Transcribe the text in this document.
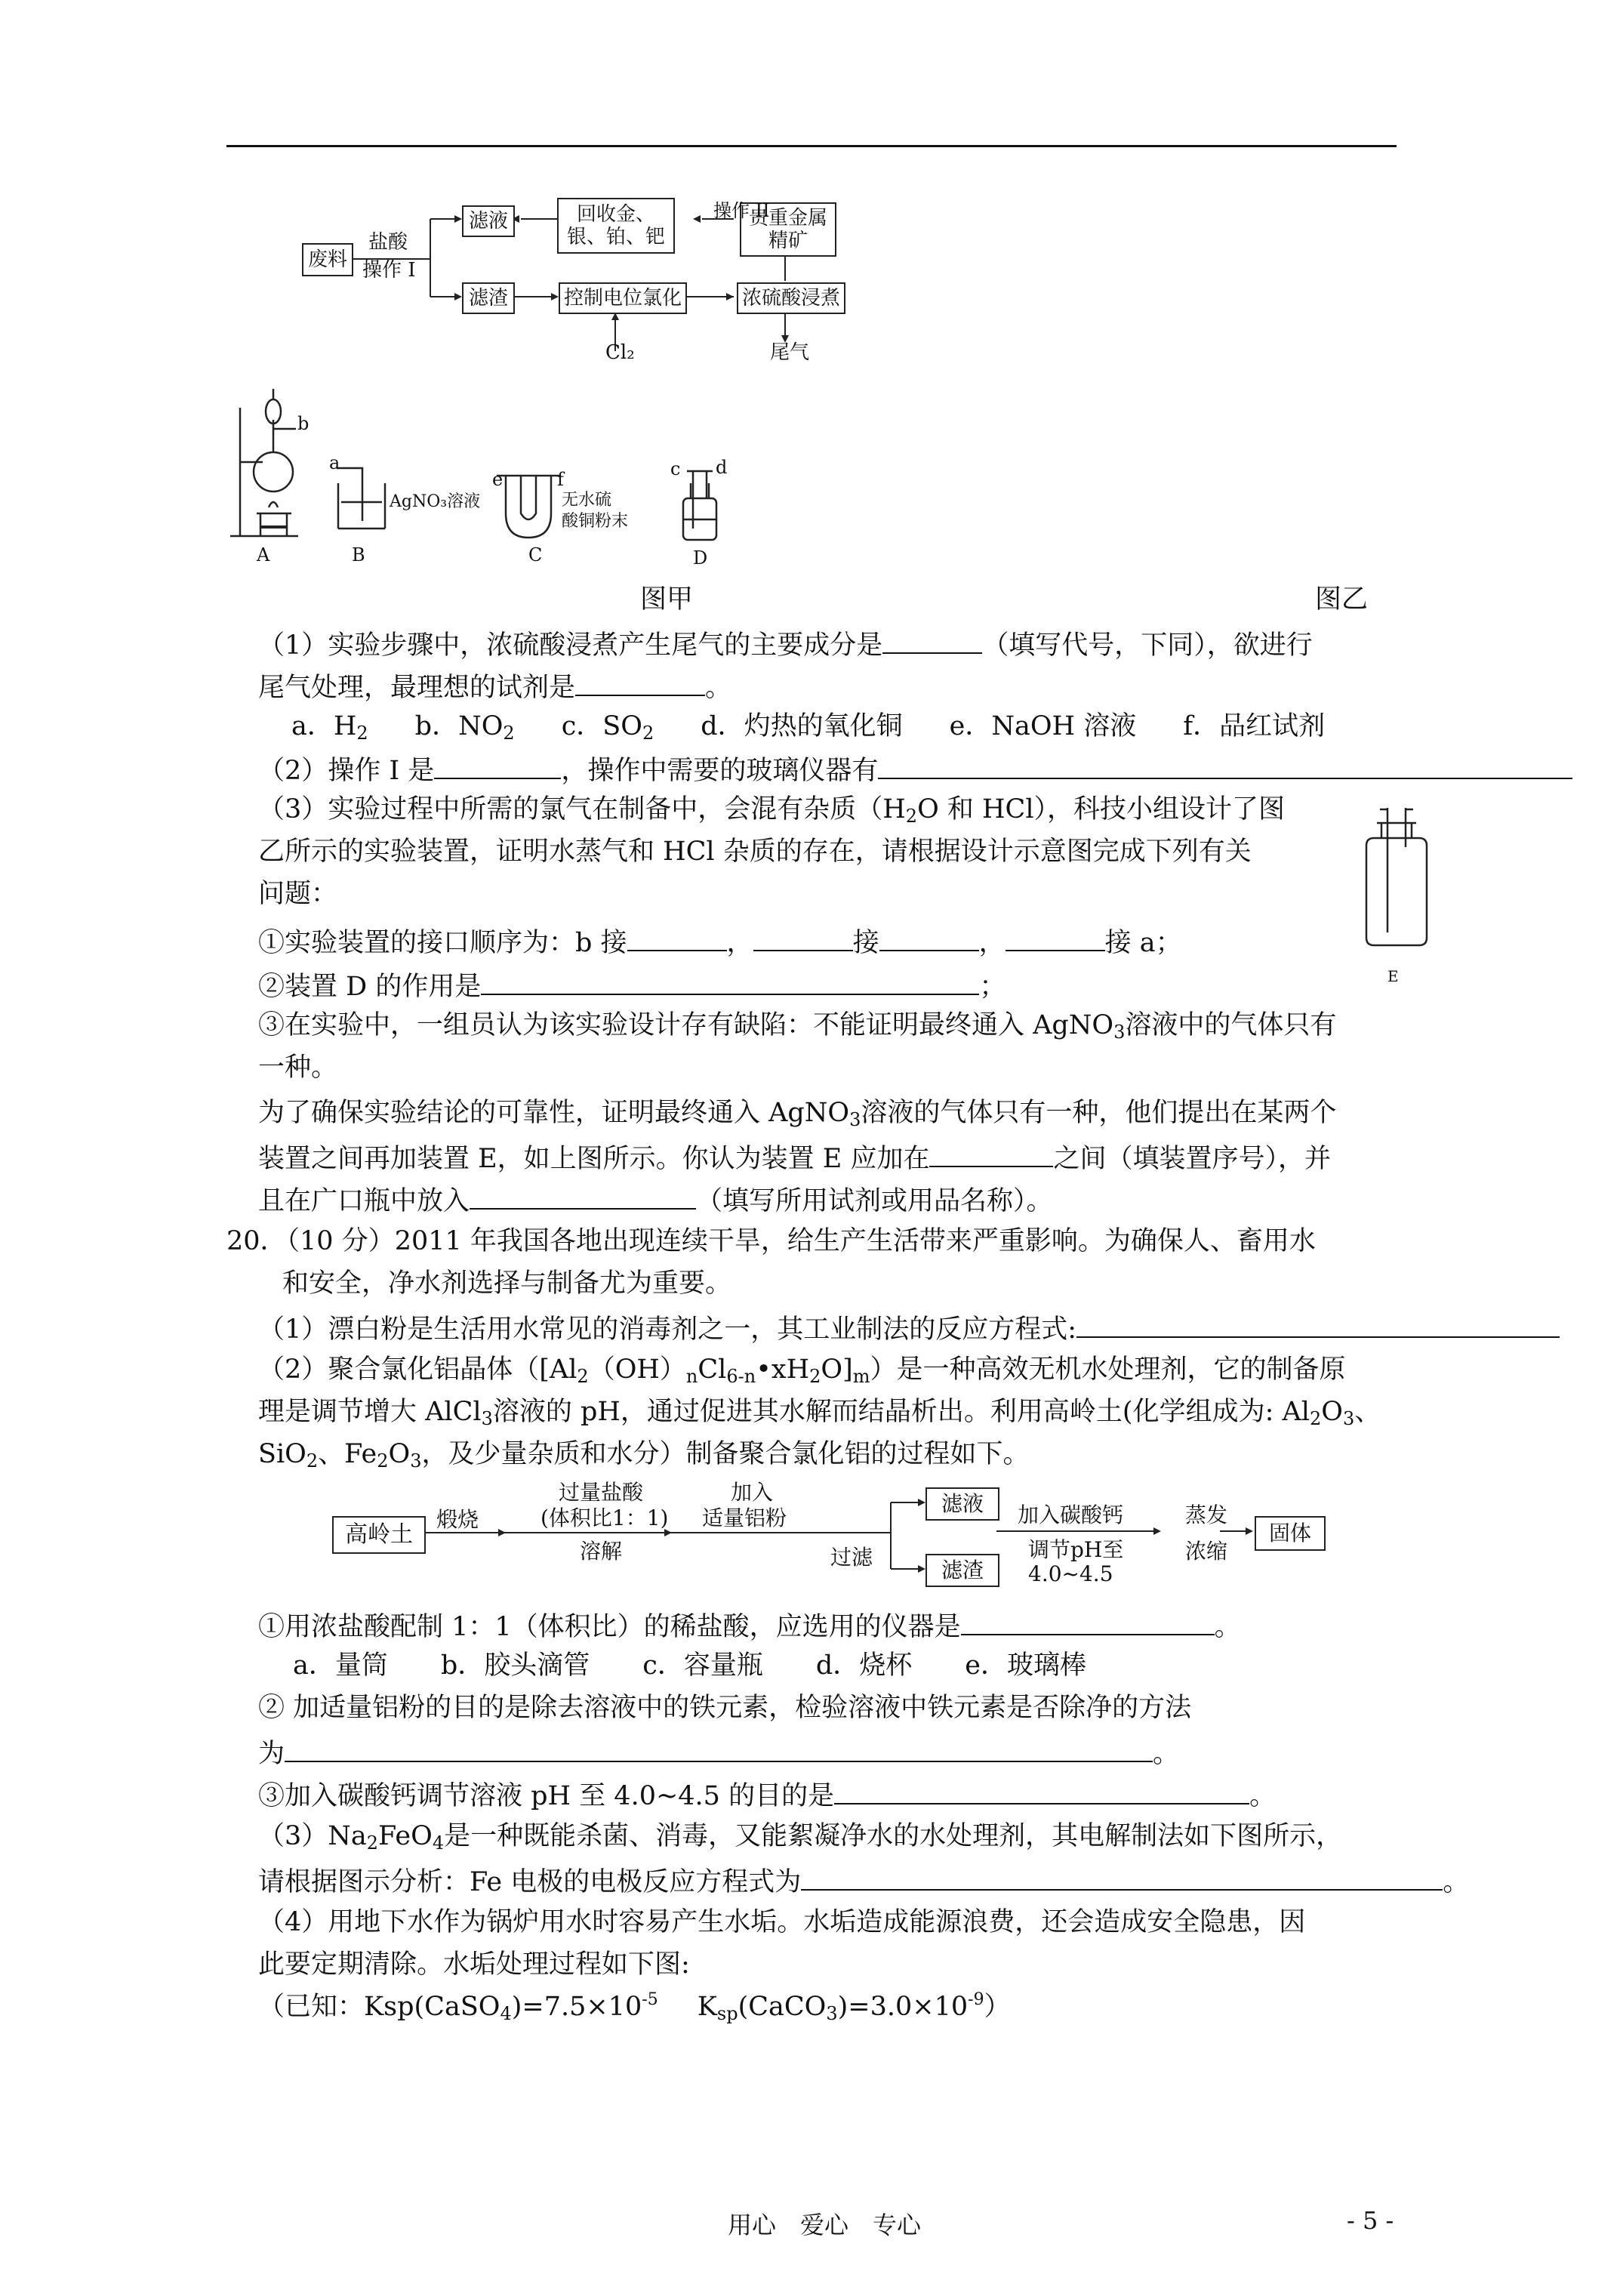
废料
盐酸
操作 I
滤液
滤渣	控制电位氯化
Cl₂
浓硫酸浸煮
尾气
贵重金属
精矿
操作 II
回收金、
银、铂、钯
A	B	C	D
b
a
AgNO₃溶液
e	f
无水硫
酸铜粉末
c d
E
图甲	图乙
（1）实验步骤中，浓硫酸浸煮产生尾气的主要成分是	（填写代号，下同），欲进行
尾气处理，最理想的试剂是	。
a．$H_2$ b．$NO_2$ c．$SO_2$ d．灼热的氧化铜 e．NaOH 溶液 f．品红试剂
（2）操作 I 是	，操作中需要的玻璃仪器有
（3）实验过程中所需的氯气在制备中，会混有杂质（$H_2O$ 和 HCl），科技小组设计了图
乙所示的实验装置，证明水蒸气和 HCl 杂质的存在，请根据设计示意图完成下列有关
问题：
①实验装置的接口顺序为：b 接	，	接	，	接 a；
②装置 D 的作用是	；
③在实验中，一组员认为该实验设计存有缺陷：不能证明最终通入 AgNO$_3$溶液中的气体只有
一种。
为了确保实验结论的可靠性，证明最终通入 AgNO$_3$溶液的气体只有一种，他们提出在某两个
装置之间再加装置 E，如上图所示。你认为装置 E 应加在	之间（填装置序号），并
且在广口瓶中放入	（填写所用试剂或用品名称）。
20．（10 分）2011 年我国各地出现连续干旱，给生产生活带来严重影响。为确保人、畜用水
和安全，净水剂选择与制备尤为重要。
（1）漂白粉是生活用水常见的消毒剂之一，其工业制法的反应方程式:
（2）聚合氯化铝晶体$([Al_2(OH)_nCl_{6-n}•xH_2O]_m)$是一种高效无机水处理剂，它的制备原
理是调节增大 AlCl$_3$溶液的 pH，通过促进其水解而结晶析出。利用高岭土(化学组成为: $Al_2O_3$、
SiO$_2$、$Fe_2O_3$，及少量杂质和水分）制备聚合氯化铝的过程如下。
高岭土
煅烧
过量盐酸
(体积比1：1)
溶解
加入
适量铝粉
过滤
滤液
滤渣
加入碳酸钙
调节pH至
4.0~4.5
蒸发
浓缩
固体
①用浓盐酸配制 1：1（体积比）的稀盐酸，应选用的仪器是	。
a．量筒　　b．胶头滴管　　c．容量瓶　　d．烧杯　　e．玻璃棒
② 加适量铝粉的目的是除去溶液中的铁元素，检验溶液中铁元素是否除净的方法
为	。
③加入碳酸钙调节溶液 pH 至 4.0~4.5 的目的是	。
$(3)Na_2FeO_4$是一种既能杀菌、消毒，又能絮凝净水的水处理剂，其电解制法如下图所示，
请根据图示分析：Fe 电极的电极反应方程式为	。
（4）用地下水作为锅炉用水时容易产生水垢。水垢造成能源浪费，还会造成安全隐患，因
此要定期清除。水垢处理过程如下图:
（已知：$Ksp(CaSO_4)=7.5\times 10^{-5}$ $K_{sp}(CaCO_3)=3.0\times 10^{-9}$）
用心　爱心　专心	- 5 -
